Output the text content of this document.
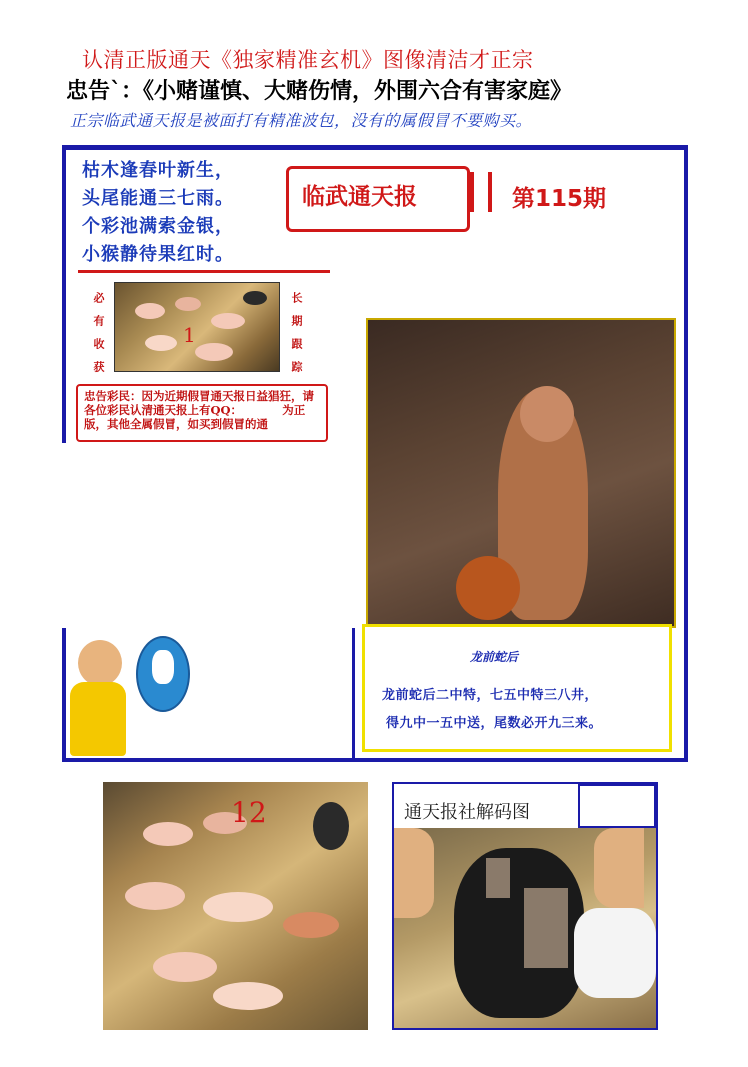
认清正版通天《独家精准玄机》图像清洁才正宗
忠告`：《小赌谨慎、大赌伤情，外围六合有害家庭》
正宗临武通天报是被面打有精准波包，没有的属假冒不要购买。
枯木逢春叶新生，
头尾能通三七雨。
个彩池满索金银，
小猴静待果红时。
临武通天报	第115期
必有收获	长期跟踪
1
忠告彩民：因为近期假冒通天报日益猖狂，请各位彩民认清通天报上有QQ：　　　　为正版，其他全属假冒，如买到假冒的通
龙前蛇后
龙前蛇后二中特，七五中特三八井，
得九中一五中送，尾数必开九三来。
12	通天报社解码图
